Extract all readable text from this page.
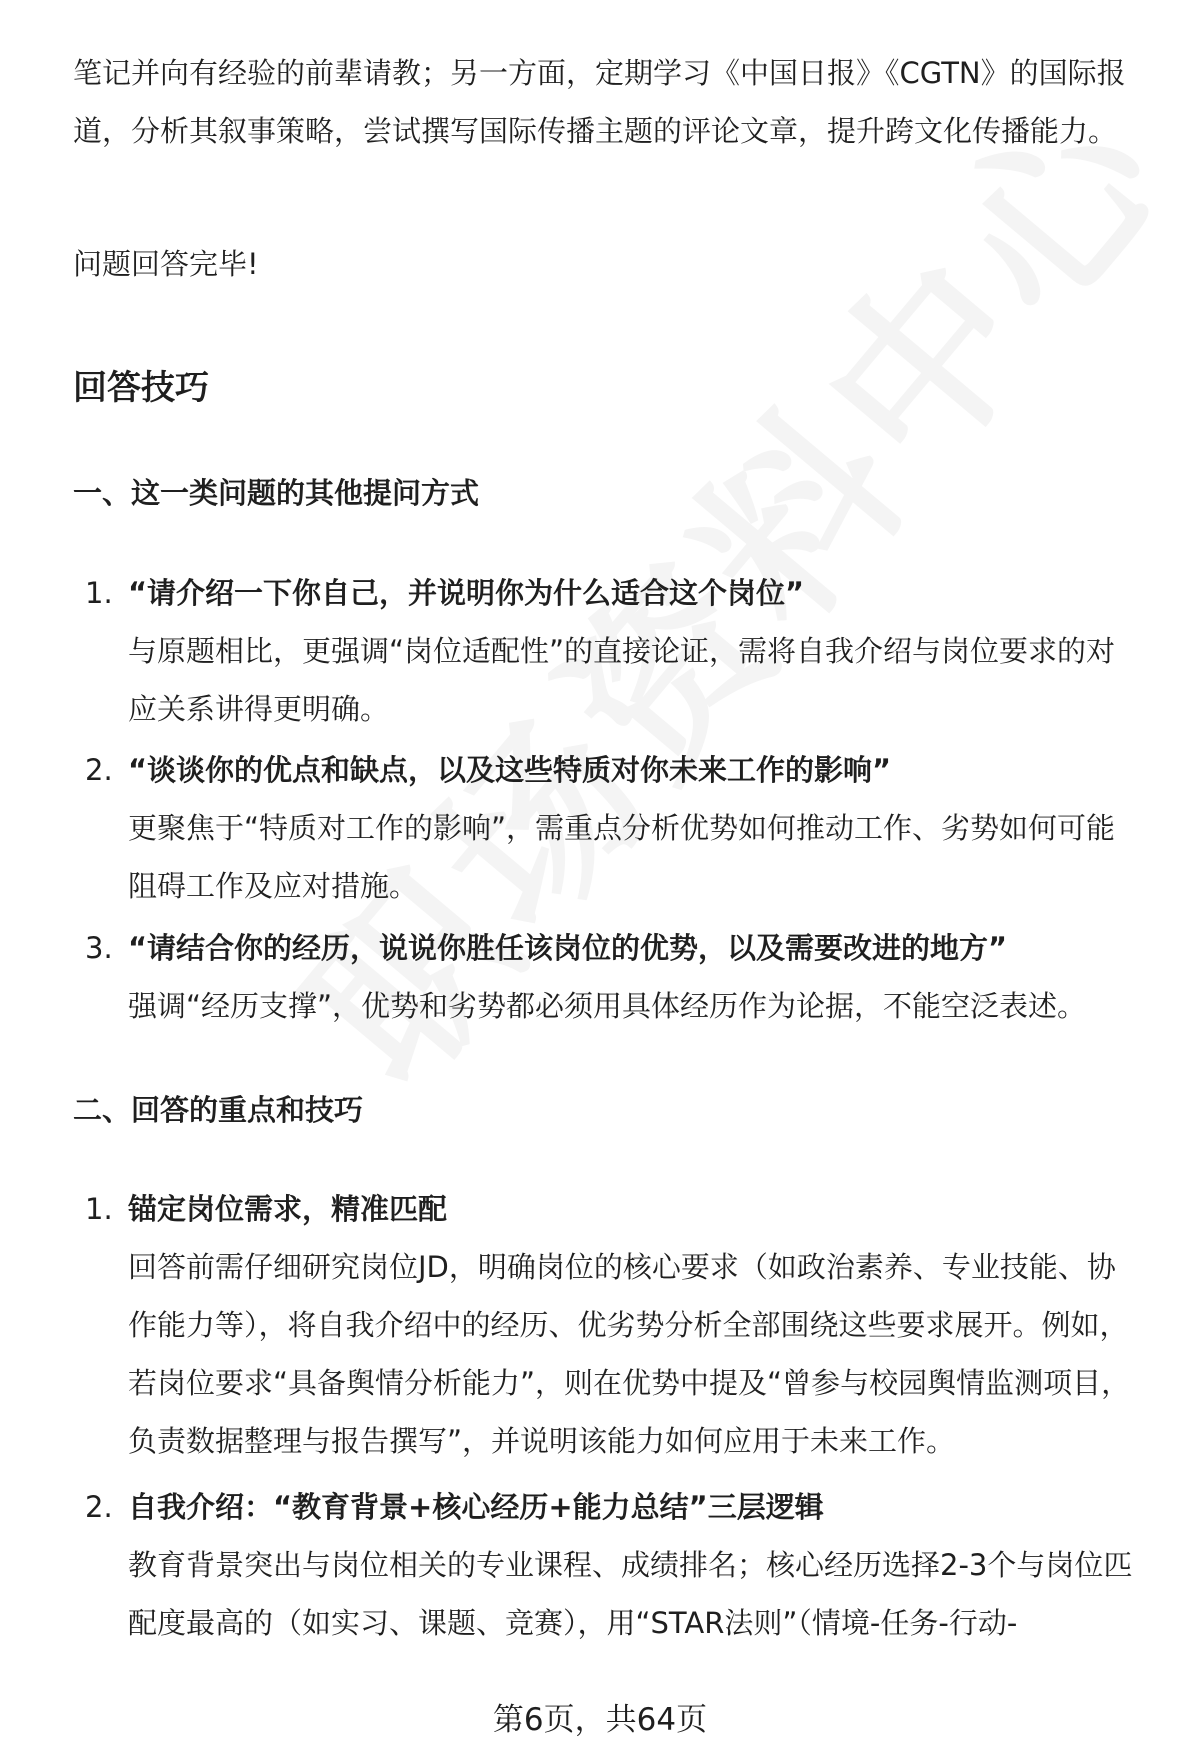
笔记并向有经验的前辈请教；另一方面，定期学习《中国日报》《CGTN》的国际报道，分析其叙事策略，尝试撰写国际传播主题的评论文章，提升跨文化传播能力。

问题回答完毕!

回答技巧
一、这一类问题的其他提问方式
1. “请介绍一下你自己，并说明你为什么适合这个岗位”
与原题相比，更强调“岗位适配性”的直接论证，需将自我介绍与岗位要求的对应关系讲得更明确。
2. “谈谈你的优点和缺点，以及这些特质对你未来工作的影响”
更聚焦于“特质对工作的影响”，需重点分析优势如何推动工作、劣势如何可能阻碍工作及应对措施。
3. “请结合你的经历，说说你胜任该岗位的优势，以及需要改进的地方”
强调“经历支撑”，优势和劣势都必须用具体经历作为论据，不能空泛表述。
二、回答的重点和技巧
1. 锚定岗位需求，精准匹配
回答前需仔细研究岗位JD，明确岗位的核心要求（如政治素养、专业技能、协作能力等），将自我介绍中的经历、优劣势分析全部围绕这些要求展开。例如，若岗位要求“具备舆情分析能力”，则在优势中提及“曾参与校园舆情监测项目，负责数据整理与报告撰写”，并说明该能力如何应用于未来工作。
2. 自我介绍：“教育背景+核心经历+能力总结”三层逻辑
教育背景突出与岗位相关的专业课程、成绩排名；核心经历选择2-3个与岗位匹配度最高的（如实习、课题、竞赛），用“STAR法则”（情境-任务-行动-
第6页，共64页
